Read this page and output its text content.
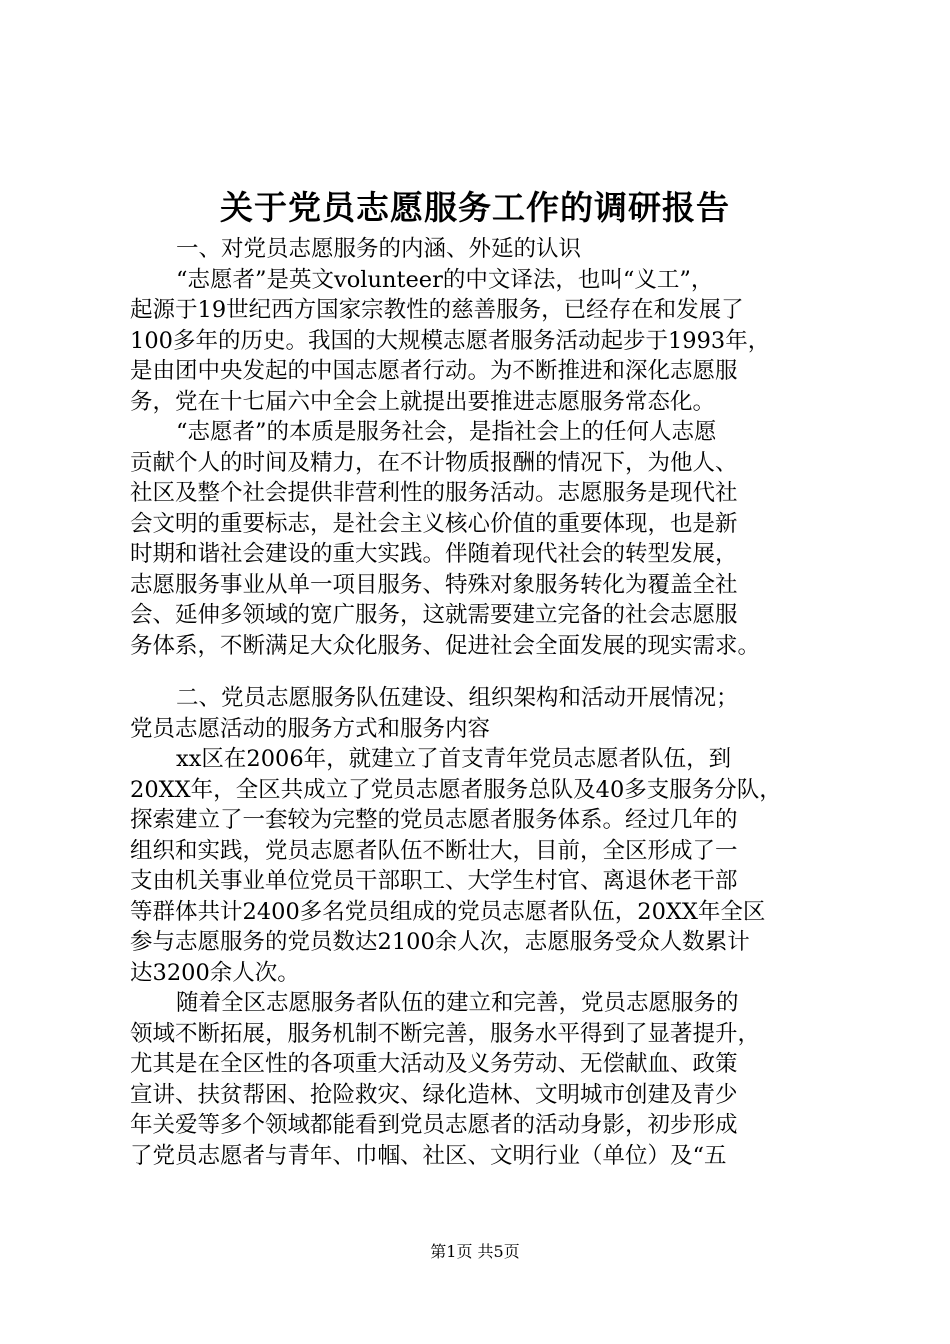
关于党员志愿服务工作的调研报告
一、对党员志愿服务的内涵、外延的认识
“志愿者”是英文volunteer的中文译法，也叫“义工”，
起源于19世纪西方国家宗教性的慈善服务，已经存在和发展了
100多年的历史。我国的大规模志愿者服务活动起步于1993年，
是由团中央发起的中国志愿者行动。为不断推进和深化志愿服
务，党在十七届六中全会上就提出要推进志愿服务常态化。
“志愿者”的本质是服务社会，是指社会上的任何人志愿
贡献个人的时间及精力，在不计物质报酬的情况下，为他人、
社区及整个社会提供非营利性的服务活动。志愿服务是现代社
会文明的重要标志，是社会主义核心价值的重要体现，也是新
时期和谐社会建设的重大实践。伴随着现代社会的转型发展，
志愿服务事业从单一项目服务、特殊对象服务转化为覆盖全社
会、延伸多领域的宽广服务，这就需要建立完备的社会志愿服
务体系，不断满足大众化服务、促进社会全面发展的现实需求。
二、党员志愿服务队伍建设、组织架构和活动开展情况；
党员志愿活动的服务方式和服务内容
xx区在2006年，就建立了首支青年党员志愿者队伍，到
20XX年，全区共成立了党员志愿者服务总队及40多支服务分队，
探索建立了一套较为完整的党员志愿者服务体系。经过几年的
组织和实践，党员志愿者队伍不断壮大，目前，全区形成了一
支由机关事业单位党员干部职工、大学生村官、离退休老干部
等群体共计2400多名党员组成的党员志愿者队伍，20XX年全区
参与志愿服务的党员数达2100余人次，志愿服务受众人数累计
达3200余人次。
随着全区志愿服务者队伍的建立和完善，党员志愿服务的
领域不断拓展，服务机制不断完善，服务水平得到了显著提升，
尤其是在全区性的各项重大活动及义务劳动、无偿献血、政策
宣讲、扶贫帮困、抢险救灾、绿化造林、文明城市创建及青少
年关爱等多个领域都能看到党员志愿者的活动身影，初步形成
了党员志愿者与青年、巾帼、社区、文明行业（单位）及“五
第1页 共5页
